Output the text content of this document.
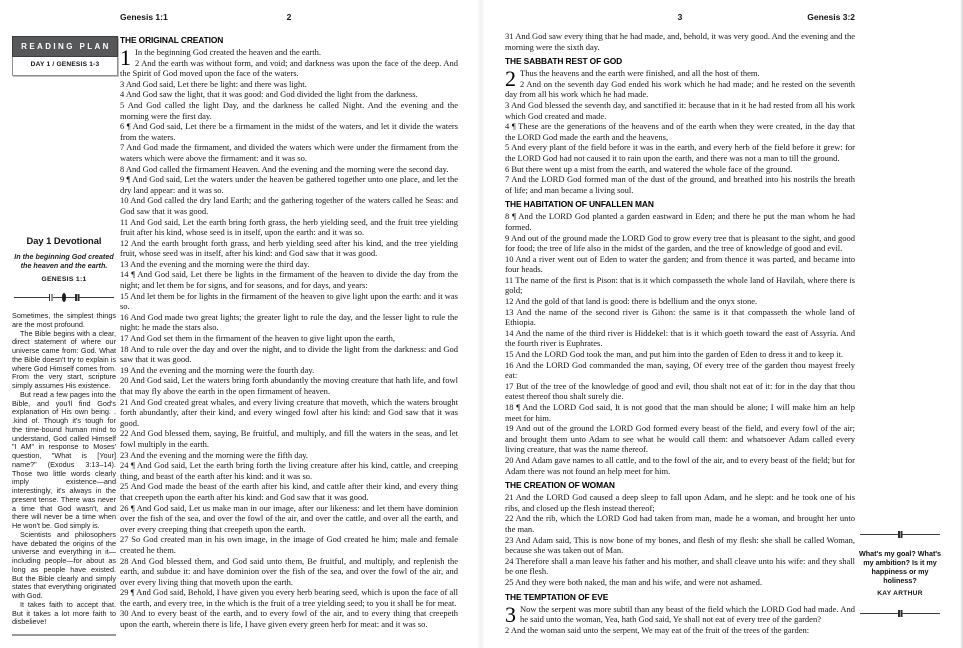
Genesis 1:1	2
READING PLAN
DAY 1 / GENESIS 1-3
Day 1 Devotional
In the beginning God created the heaven and the earth.
GENESIS 1:1

Sometimes, the simplest things are the most profound.

The Bible begins with a clear, direct statement of where our universe came from: God. What the Bible doesn't try to explain is where God Himself comes from. From the very start, scripture simply assumes His existence.

But read a few pages into the Bible, and you'll find God's explanation of His own being. . .kind of. Though it's tough for the time-bound human mind to understand, God called Himself "I AM" in response to Moses' question, "What is [Your] name?" (Exodus 3:13–14). Those two little words clearly imply existence—and interestingly, it's always in the present tense. There was never a time that God wasn't, and there will never be a time when He won't be. God simply is.

Scientists and philosophers have debated the origins of the universe and everything in it—including people—for about as long as people have existed. But the Bible clearly and simply states that everything originated with God.

It takes faith to accept that. But it takes a lot more faith to disbelieve!

THE ORIGINAL CREATION
1 In the beginning God created the heaven and the earth.

2 And the earth was without form, and void; and darkness was upon the face of the deep. And the Spirit of God moved upon the face of the waters.

3 And God said, Let there be light: and there was light.

4 And God saw the light, that it was good: and God divided the light from the darkness.

5 And God called the light Day, and the darkness he called Night. And the evening and the morning were the first day.

6 ¶ And God said, Let there be a firmament in the midst of the waters, and let it divide the waters from the waters.

7 And God made the firmament, and divided the waters which were under the firmament from the waters which were above the firmament: and it was so.

8 And God called the firmament Heaven. And the evening and the morning were the second day.

9 ¶ And God said, Let the waters under the heaven be gathered together unto one place, and let the dry land appear: and it was so.

10 And God called the dry land Earth; and the gathering together of the waters called he Seas: and God saw that it was good.

11 And God said, Let the earth bring forth grass, the herb yielding seed, and the fruit tree yielding fruit after his kind, whose seed is in itself, upon the earth: and it was so.

12 And the earth brought forth grass, and herb yielding seed after his kind, and the tree yielding fruit, whose seed was in itself, after his kind: and God saw that it was good.

13 And the evening and the morning were the third day.

14 ¶ And God said, Let there be lights in the firmament of the heaven to divide the day from the night; and let them be for signs, and for seasons, and for days, and years:

15 And let them be for lights in the firmament of the heaven to give light upon the earth: and it was so.

16 And God made two great lights; the greater light to rule the day, and the lesser light to rule the night: he made the stars also.

17 And God set them in the firmament of the heaven to give light upon the earth,

18 And to rule over the day and over the night, and to divide the light from the darkness: and God saw that it was good.

19 And the evening and the morning were the fourth day.

20 And God said, Let the waters bring forth abundantly the moving creature that hath life, and fowl that may fly above the earth in the open firmament of heaven.

21 And God created great whales, and every living creature that moveth, which the waters brought forth abundantly, after their kind, and every winged fowl after his kind: and God saw that it was good.

22 And God blessed them, saying, Be fruitful, and multiply, and fill the waters in the seas, and let fowl multiply in the earth.

23 And the evening and the morning were the fifth day.

24 ¶ And God said, Let the earth bring forth the living creature after his kind, cattle, and creeping thing, and beast of the earth after his kind: and it was so.

25 And God made the beast of the earth after his kind, and cattle after their kind, and every thing that creepeth upon the earth after his kind: and God saw that it was good.

26 ¶ And God said, Let us make man in our image, after our likeness: and let them have dominion over the fish of the sea, and over the fowl of the air, and over the cattle, and over all the earth, and over every creeping thing that creepeth upon the earth.

27 So God created man in his own image, in the image of God created he him; male and female created he them.

28 And God blessed them, and God said unto them, Be fruitful, and multiply, and replenish the earth, and subdue it: and have dominion over the fish of the sea, and over the fowl of the air, and over every living thing that moveth upon the earth.

29 ¶ And God said, Behold, I have given you every herb bearing seed, which is upon the face of all the earth, and every tree, in the which is the fruit of a tree yielding seed; to you it shall be for meat.

30 And to every beast of the earth, and to every fowl of the air, and to every thing that creepeth upon the earth, wherein there is life, I have given every green herb for meat: and it was so.

3	Genesis 3:2

31 And God saw every thing that he had made, and, behold, it was very good. And the evening and the morning were the sixth day.

THE SABBATH REST OF GOD
2 Thus the heavens and the earth were finished, and all the host of them.

2 And on the seventh day God ended his work which he had made; and he rested on the seventh day from all his work which he had made.

3 And God blessed the seventh day, and sanctified it: because that in it he had rested from all his work which God created and made.

4 ¶ These are the generations of the heavens and of the earth when they were created, in the day that the LORD God made the earth and the heavens,

5 And every plant of the field before it was in the earth, and every herb of the field before it grew: for the LORD God had not caused it to rain upon the earth, and there was not a man to till the ground.

6 But there went up a mist from the earth, and watered the whole face of the ground.

7 And the LORD God formed man of the dust of the ground, and breathed into his nostrils the breath of life; and man became a living soul.

THE HABITATION OF UNFALLEN MAN

8 ¶ And the LORD God planted a garden eastward in Eden; and there he put the man whom he had formed.

9 And out of the ground made the LORD God to grow every tree that is pleasant to the sight, and good for food; the tree of life also in the midst of the garden, and the tree of knowledge of good and evil.

10 And a river went out of Eden to water the garden; and from thence it was parted, and became into four heads.

11 The name of the first is Pison: that is it which compasseth the whole land of Havilah, where there is gold;

12 And the gold of that land is good: there is bdellium and the onyx stone.

13 And the name of the second river is Gihon: the same is it that compasseth the whole land of Ethiopia.

14 And the name of the third river is Hiddekel: that is it which goeth toward the east of Assyria. And the fourth river is Euphrates.

15 And the LORD God took the man, and put him into the garden of Eden to dress it and to keep it.

16 And the LORD God commanded the man, saying, Of every tree of the garden thou mayest freely eat:

17 But of the tree of the knowledge of good and evil, thou shalt not eat of it: for in the day that thou eatest thereof thou shalt surely die.

18 ¶ And the LORD God said, It is not good that the man should be alone; I will make him an help meet for him.

19 And out of the ground the LORD God formed every beast of the field, and every fowl of the air; and brought them unto Adam to see what he would call them: and whatsoever Adam called every living creature, that was the name thereof.

20 And Adam gave names to all cattle, and to the fowl of the air, and to every beast of the field; but for Adam there was not found an help meet for him.

THE CREATION OF WOMAN

21 And the LORD God caused a deep sleep to fall upon Adam, and he slept: and he took one of his ribs, and closed up the flesh instead thereof;

22 And the rib, which the LORD God had taken from man, made he a woman, and brought her unto the man.

23 And Adam said, This is now bone of my bones, and flesh of my flesh: she shall be called Woman, because she was taken out of Man.

24 Therefore shall a man leave his father and his mother, and shall cleave unto his wife: and they shall be one flesh.

25 And they were both naked, the man and his wife, and were not ashamed.

THE TEMPTATION OF EVE
3 Now the serpent was more subtil than any beast of the field which the LORD God had made. And he said unto the woman, Yea, hath God said, Ye shall not eat of every tree of the garden?

2 And the woman said unto the serpent, We may eat of the fruit of the trees of the garden:

What's my goal? What's my ambition? Is it my happiness or my holiness?
KAY ARTHUR
